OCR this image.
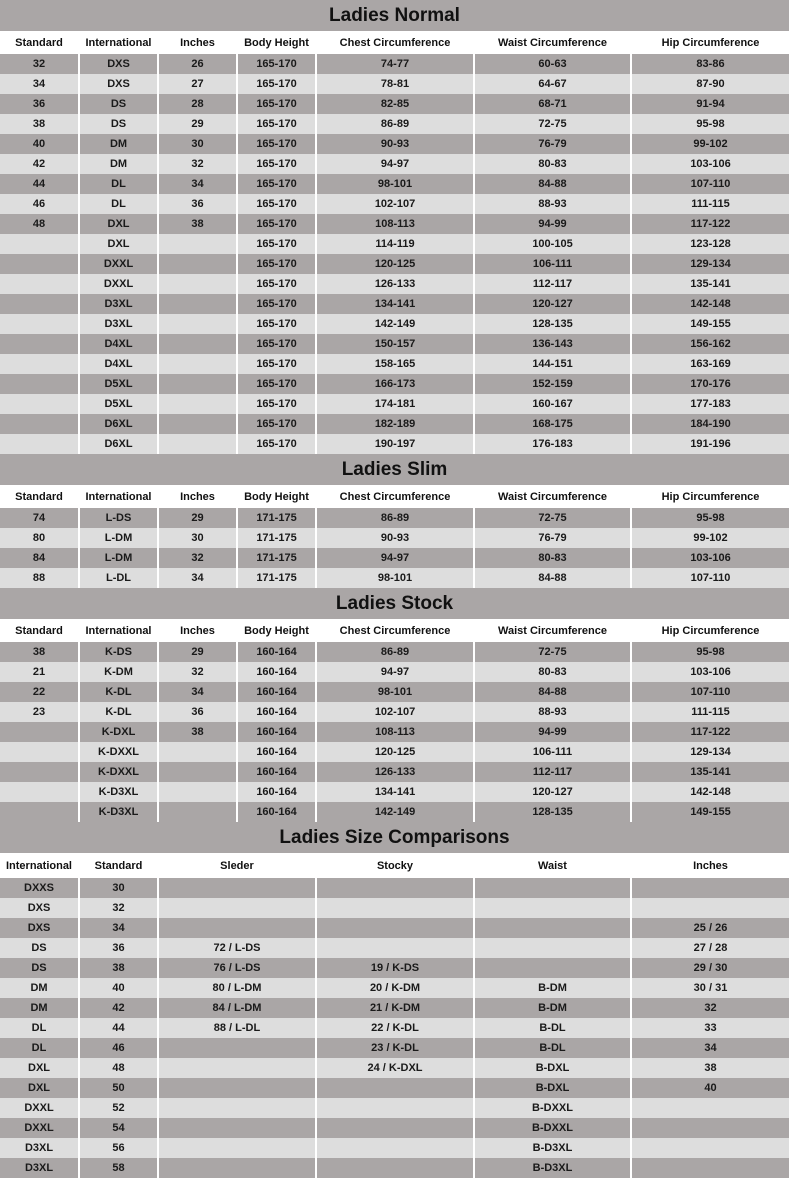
Ladies Normal
Standard	International	Inches	Body Height	Chest Circumference	Waist Circumference	Hip Circumference
32	DXS	26	165-170	74-77	60-63	83-86
34	DXS	27	165-170	78-81	64-67	87-90
36	DS	28	165-170	82-85	68-71	91-94
38	DS	29	165-170	86-89	72-75	95-98
40	DM	30	165-170	90-93	76-79	99-102
42	DM	32	165-170	94-97	80-83	103-106
44	DL	34	165-170	98-101	84-88	107-110
46	DL	36	165-170	102-107	88-93	111-115
48	DXL	38	165-170	108-113	94-99	117-122
	DXL		165-170	114-119	100-105	123-128
	DXXL		165-170	120-125	106-111	129-134
	DXXL		165-170	126-133	112-117	135-141
	D3XL		165-170	134-141	120-127	142-148
	D3XL		165-170	142-149	128-135	149-155
	D4XL		165-170	150-157	136-143	156-162
	D4XL		165-170	158-165	144-151	163-169
	D5XL		165-170	166-173	152-159	170-176
	D5XL		165-170	174-181	160-167	177-183
	D6XL		165-170	182-189	168-175	184-190
	D6XL		165-170	190-197	176-183	191-196
Ladies Slim
Standard	International	Inches	Body Height	Chest Circumference	Waist Circumference	Hip Circumference
74	L-DS	29	171-175	86-89	72-75	95-98
80	L-DM	30	171-175	90-93	76-79	99-102
84	L-DM	32	171-175	94-97	80-83	103-106
88	L-DL	34	171-175	98-101	84-88	107-110
Ladies Stock
Standard	International	Inches	Body Height	Chest Circumference	Waist Circumference	Hip Circumference
38	K-DS	29	160-164	86-89	72-75	95-98
21	K-DM	32	160-164	94-97	80-83	103-106
22	K-DL	34	160-164	98-101	84-88	107-110
23	K-DL	36	160-164	102-107	88-93	111-115
	K-DXL	38	160-164	108-113	94-99	117-122
	K-DXXL		160-164	120-125	106-111	129-134
	K-DXXL		160-164	126-133	112-117	135-141
	K-D3XL		160-164	134-141	120-127	142-148
	K-D3XL		160-164	142-149	128-135	149-155
Ladies Size Comparisons
International	Standard	Sleder	Stocky	Waist	Inches
DXXS	30				
DXS	32				
DXS	34				25 / 26
DS	36	72 / L-DS			27 / 28
DS	38	76 / L-DS	19 / K-DS		29 / 30
DM	40	80 / L-DM	20 / K-DM	B-DM	30 / 31
DM	42	84 / L-DM	21 / K-DM	B-DM	32
DL	44	88 / L-DL	22 / K-DL	B-DL	33
DL	46		23 / K-DL	B-DL	34
DXL	48		24 / K-DXL	B-DXL	38
DXL	50			B-DXL	40
DXXL	52			B-DXXL	
DXXL	54			B-DXXL	
D3XL	56			B-D3XL	
D3XL	58			B-D3XL	
